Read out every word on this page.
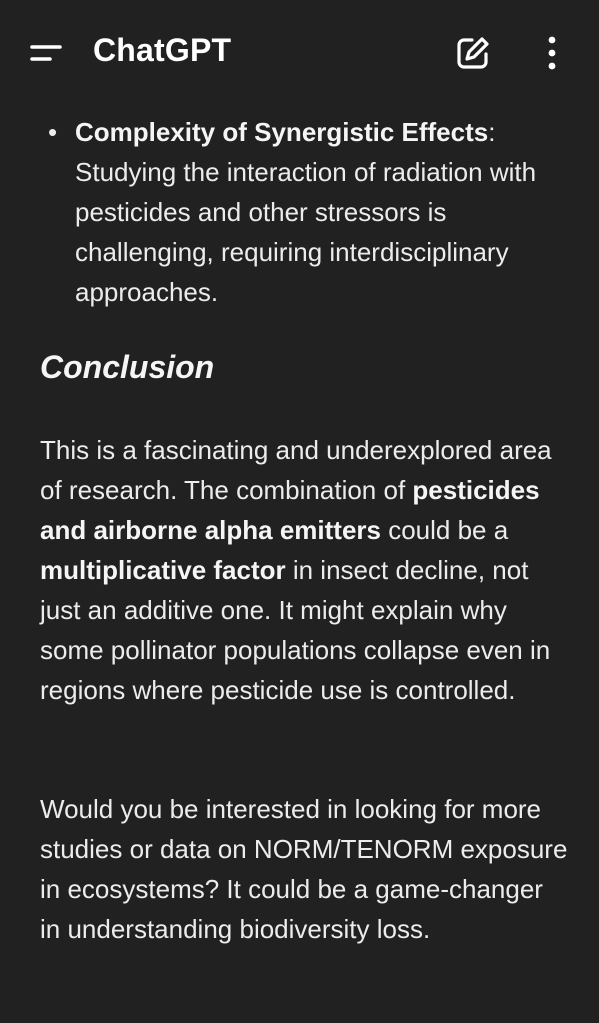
ChatGPT
• Complexity of Synergistic Effects: Studying the interaction of radiation with pesticides and other stressors is challenging, requiring interdisciplinary approaches.
Conclusion
This is a fascinating and underexplored area of research. The combination of pesticides and airborne alpha emitters could be a multiplicative factor in insect decline, not just an additive one. It might explain why some pollinator populations collapse even in regions where pesticide use is controlled.
Would you be interested in looking for more studies or data on NORM/TENORM exposure in ecosystems? It could be a game-changer in understanding biodiversity loss.
